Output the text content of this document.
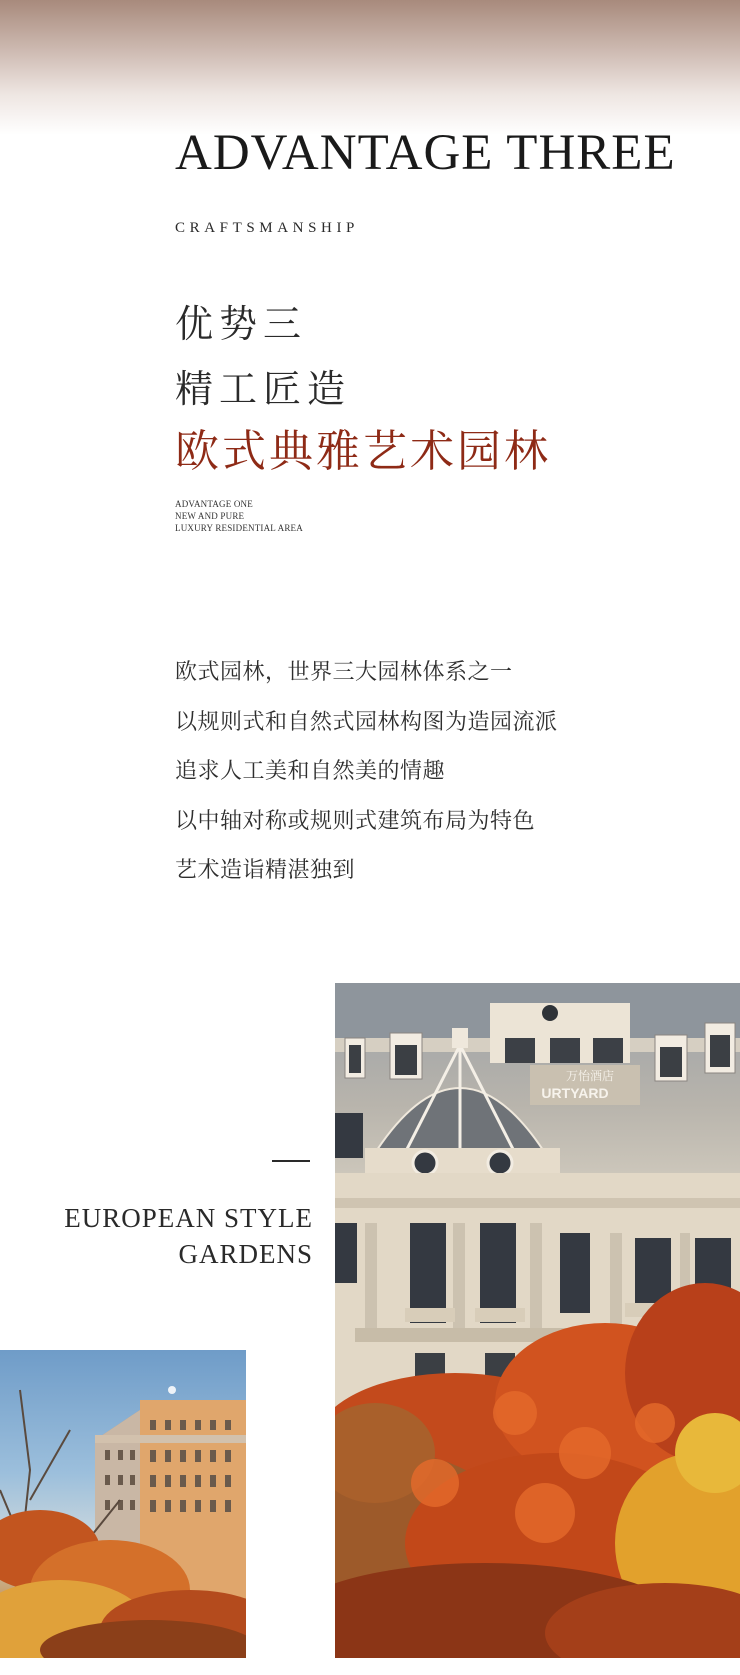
ADVANTAGE THREE
CRAFTSMANSHIP
优势三
精工匠造
欧式典雅艺术园林
ADVANTAGE ONE
NEW AND PURE
LUXURY RESIDENTIAL AREA
欧式园林，世界三大园林体系之一
以规则式和自然式园林构图为造园流派
追求人工美和自然美的情趣
以中轴对称或规则式建筑布局为特色
艺术造诣精湛独到
EUROPEAN STYLE
GARDENS
万怡酒店
URTYARD
